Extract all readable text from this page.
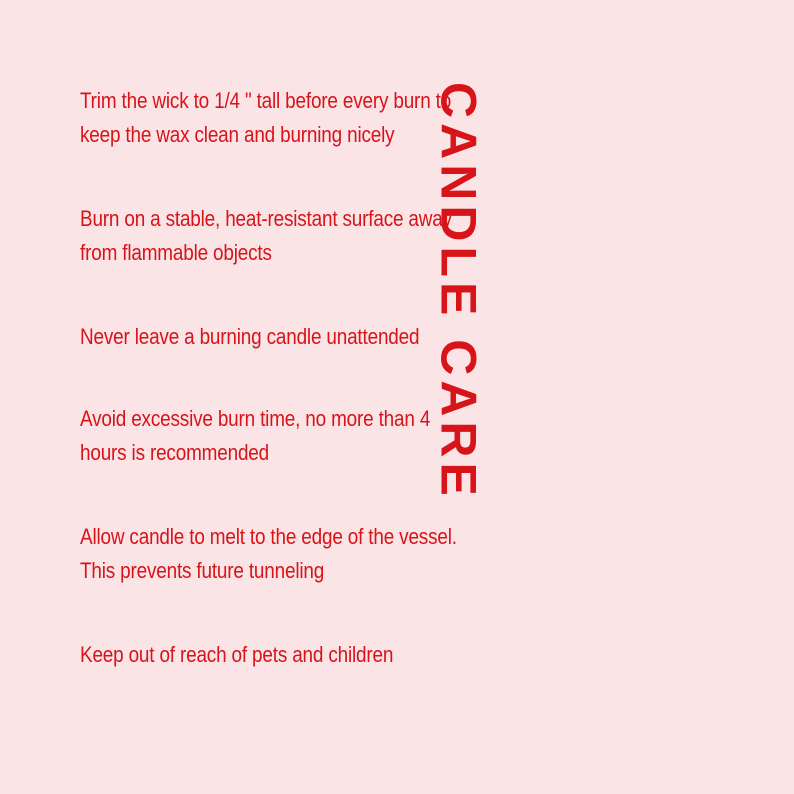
Trim the wick to 1/4 " tall before every burn to
keep the wax clean and burning nicely
Burn on a stable, heat-resistant surface away
from flammable objects
Never leave a burning candle unattended
Avoid excessive burn time, no more than 4
hours is recommended
Allow candle to melt to the edge of the vessel.
This prevents future tunneling
Keep out of reach of pets and children
CANDLE CARE
